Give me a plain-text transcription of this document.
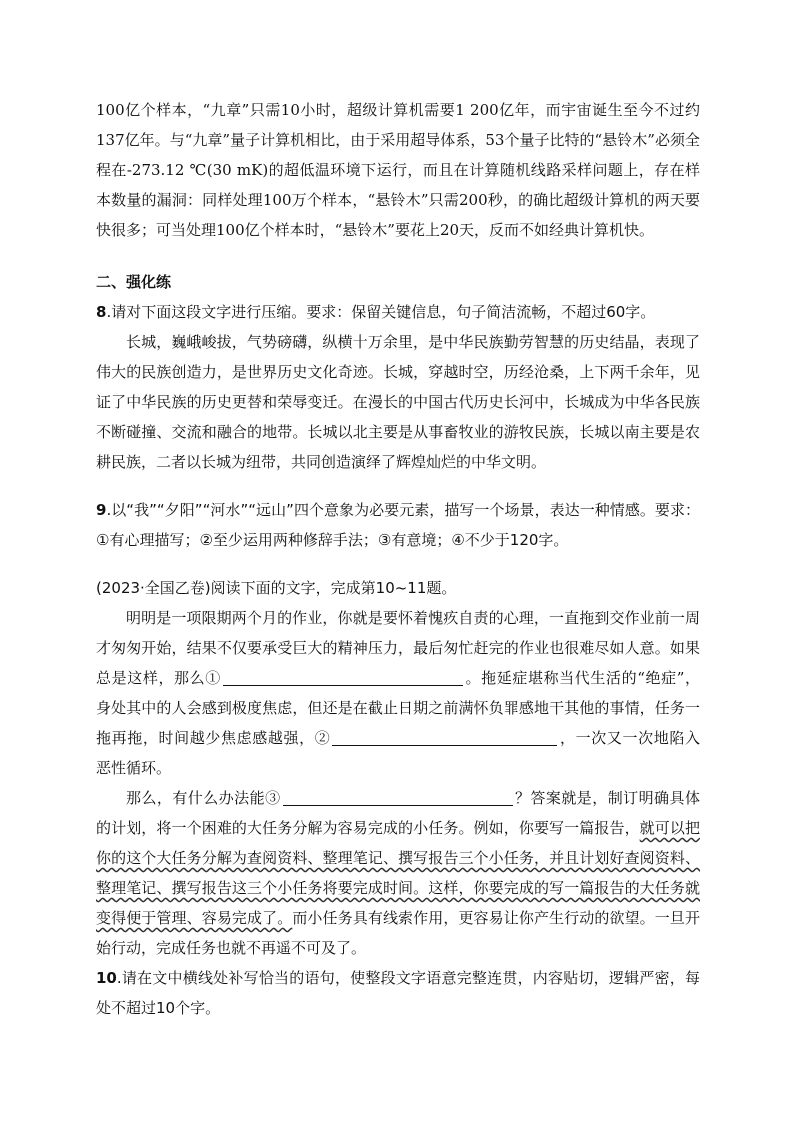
100亿个样本，“九章”只需10小时，超级计算机需要1 200亿年，而宇宙诞生至今不过约137亿年。与“九章”量子计算机相比，由于采用超导体系，53个量子比特的“悬铃木”必须全程在-273.12 ℃(30 mK)的超低温环境下运行，而且在计算随机线路采样问题上，存在样本数量的漏洞：同样处理100万个样本，“悬铃木”只需200秒，的确比超级计算机的两天要快很多；可当处理100亿个样本时，“悬铃木”要花上20天，反而不如经典计算机快。

二、强化练

8.请对下面这段文字进行压缩。要求：保留关键信息，句子简洁流畅，不超过60字。

长城，巍峨峻拔，气势磅礴，纵横十万余里，是中华民族勤劳智慧的历史结晶，表现了伟大的民族创造力，是世界历史文化奇迹。长城，穿越时空，历经沧桑，上下两千余年，见证了中华民族的历史更替和荣辱变迁。在漫长的中国古代历史长河中，长城成为中华各民族不断碰撞、交流和融合的地带。长城以北主要是从事畜牧业的游牧民族，长城以南主要是农耕民族，二者以长城为纽带，共同创造演绎了辉煌灿烂的中华文明。

9.以“我”“夕阳”“河水”“远山”四个意象为必要元素，描写一个场景，表达一种情感。要求：①有心理描写；②至少运用两种修辞手法；③有意境；④不少于120字。

(2023·全国乙卷)阅读下面的文字，完成第10~11题。

明明是一项限期两个月的作业，你就是要怀着愧疚自责的心理，一直拖到交作业前一周才匆匆开始，结果不仅要承受巨大的精神压力，最后匆忙赶完的作业也很难尽如人意。如果总是这样，那么①	。拖延症堪称当代生活的“绝症”，身处其中的人会感到极度焦虑，但还是在截止日期之前满怀负罪感地干其他的事情，任务一拖再拖，时间越少焦虑感越强，②	，一次又一次地陷入恶性循环。

那么，有什么办法能③	？答案就是，制订明确具体的计划，将一个困难的大任务分解为容易完成的小任务。例如，你要写一篇报告，就可以把你的这个大任务分解为查阅资料、整理笔记、撰写报告三个小任务，并且计划好查阅资料、整理笔记、撰写报告这三个小任务将要完成时间。这样，你要完成的写一篇报告的大任务就变得便于管理、容易完成了。而小任务具有线索作用，更容易让你产生行动的欲望。一旦开始行动，完成任务也就不再遥不可及了。

10.请在文中横线处补写恰当的语句，使整段文字语意完整连贯，内容贴切，逻辑严密，每处不超过10个字。
